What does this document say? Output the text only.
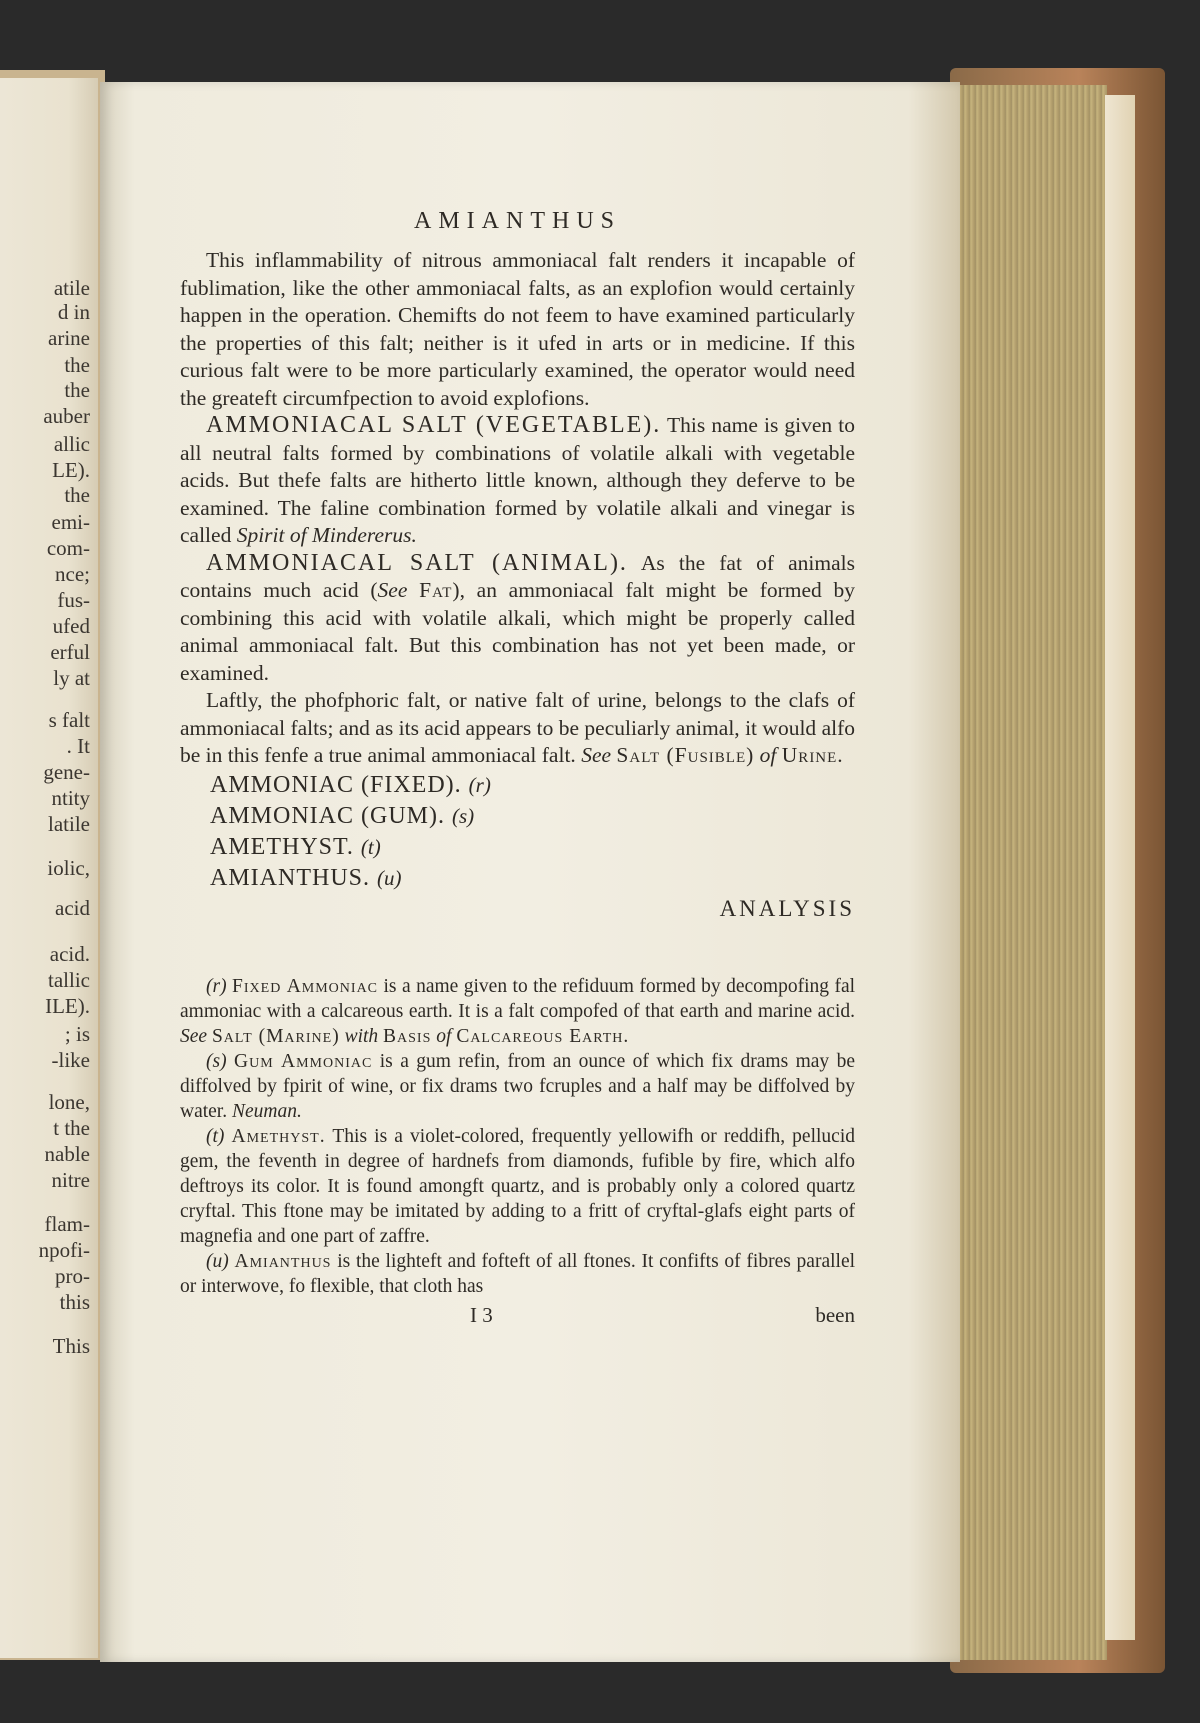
atile
d in
arine
the
the
auber
allic
LE).
the
emi-
com-
nce;
fus-
ufed
erful
ly at
s falt
. It
gene-
ntity
latile
iolic,
acid
acid.
tallic
ILE).
; is
-like
lone,
t the
nable
nitre
flam-
npofi-
pro-
this
This
AMIANTHUS

This inflammability of nitrous ammoniacal falt renders it incapable of fublimation, like the other ammoniacal falts, as an explofion would certainly happen in the operation. Chemifts do not feem to have examined particularly the properties of this falt; neither is it ufed in arts or in medicine. If this curious falt were to be more particularly examined, the operator would need the greateft circumfpection to avoid explofions.

AMMONIACAL SALT (VEGETABLE). This name is given to all neutral falts formed by combinations of volatile alkali with vegetable acids. But thefe falts are hitherto little known, although they deferve to be examined. The faline combination formed by volatile alkali and vinegar is called Spirit of Mindererus.

AMMONIACAL SALT (ANIMAL). As the fat of animals contains much acid (See Fat), an ammoniacal falt might be formed by combining this acid with volatile alkali, which might be properly called animal ammoniacal falt. But this combination has not yet been made, or examined.

Laftly, the phofphoric falt, or native falt of urine, belongs to the clafs of ammoniacal falts; and as its acid appears to be peculiarly animal, it would alfo be in this fenfe a true animal ammoniacal falt. See Salt (Fusible) of Urine.

AMMONIAC (FIXED). (r)

AMMONIAC (GUM). (s)

AMETHYST. (t)

AMIANTHUS. (u)

ANALYSIS

(r) Fixed Ammoniac is a name given to the refiduum formed by decompofing fal ammoniac with a calcareous earth. It is a falt compofed of that earth and marine acid. See Salt (Marine) with Basis of Calcareous Earth.

(s) Gum Ammoniac is a gum refin, from an ounce of which fix drams may be diffolved by fpirit of wine, or fix drams two fcruples and a half may be diffolved by water. Neuman.

(t) Amethyst. This is a violet-colored, frequently yellowifh or reddifh, pellucid gem, the feventh in degree of hardnefs from diamonds, fufible by fire, which alfo deftroys its color. It is found amongft quartz, and is probably only a colored quartz cryftal. This ftone may be imitated by adding to a fritt of cryftal-glafs eight parts of magnefia and one part of zaffre.

(u) Amianthus is the lighteft and fofteft of all ftones. It confifts of fibres parallel or interwove, fo flexible, that cloth has

I 3	been
